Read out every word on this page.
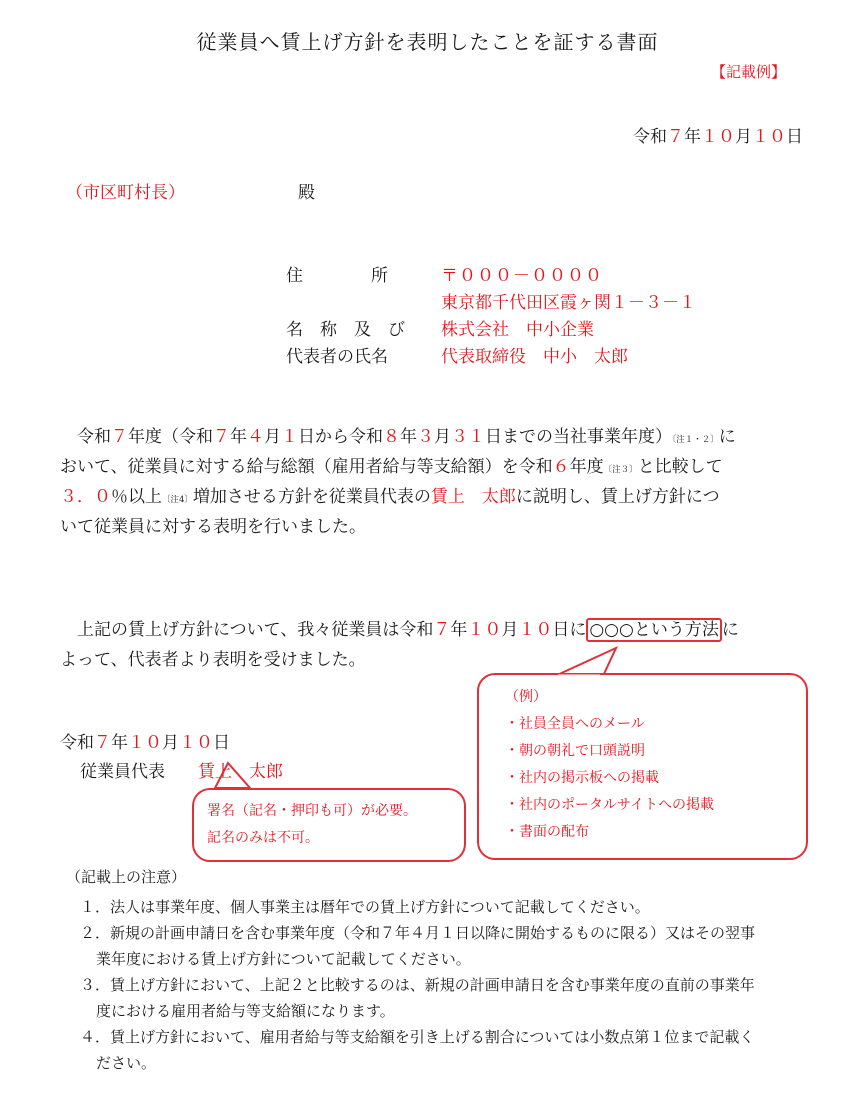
従業員へ賃上げ方針を表明したことを証する書面
【記載例】
令和７年１０月１０日
（市区町村長）	殿
住　　　　所	〒０００－００００
東京都千代田区霞ヶ関１－３－１
名　称　及　び 株式会社　中小企業
代表者の氏名	代表取締役　中小　太郎
　令和７年度（令和７年４月１日から令和８年３月３１日までの当社事業年度）$^{〔注1・2〕}$に
おいて、従業員に対する給与総額（雇用者給与等支給額）を令和６年度$^{〔注3〕}$と比較して
３．０％以上$^{〔注4〕}$増加させる方針を従業員代表の賃上　太郎に説明し、賃上げ方針につ
いて従業員に対する表明を行いました。
　上記の賃上げ方針について、我々従業員は令和７年１０月１０日に ○○○という方法 に
よって、代表者より表明を受けました。
（例）
・社員全員へのメール
・朝の朝礼で口頭説明
・社内の掲示板への掲載
・社内のポータルサイトへの掲載
・書面の配布
令和７年１０月１０日
従業員代表 賃上　太郎
署名（記名・押印も可）が必要。
記名のみは不可。
（記載上の注意）
１．法人は事業年度、個人事業主は暦年での賃上げ方針について記載してください。
２．新規の計画申請日を含む事業年度（令和７年４月１日以降に開始するものに限る）又はその翌事
業年度における賃上げ方針について記載してください。
３．賃上げ方針において、上記２と比較するのは、新規の計画申請日を含む事業年度の直前の事業年
度における雇用者給与等支給額になります。
４．賃上げ方針において、雇用者給与等支給額を引き上げる割合については小数点第１位まで記載く
ださい。
